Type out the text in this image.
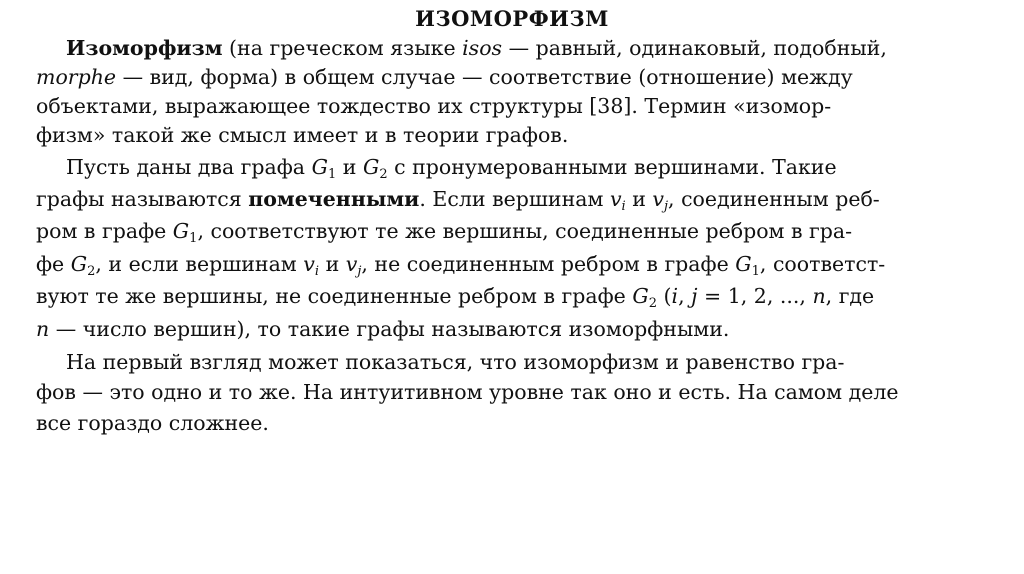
ИЗОМОРФИЗМ
Изоморфизм (на греческом языке isos — равный, одинаковый, подобный,
morphe — вид, форма) в общем случае — соответствие (отношение) между
объектами, выражающее тождество их структуры [38]. Термин «изомор-
физм» такой же смысл имеет и в теории графов.
Пусть даны два графа $G_1$ и $G_2$ с пронумерованными вершинами. Такие
графы называются помеченными. Если вершинам $v_i$ и $v_j$, соединенным реб-
ром в графе $G_1$, соответствуют те же вершины, соединенные ребром в гра-
фе $G_2$, и если вершинам $v_i$ и $v_j$, не соединенным ребром в графе $G_1$, соответст-
вуют те же вершины, не соединенные ребром в графе $G_2$ (i, j = 1, 2, ..., n, где
n — число вершин), то такие графы называются изоморфными.
На первый взгляд может показаться, что изоморфизм и равенство гра-
фов — это одно и то же. На интуитивном уровне так оно и есть. На самом деле
все гораздо сложнее.
